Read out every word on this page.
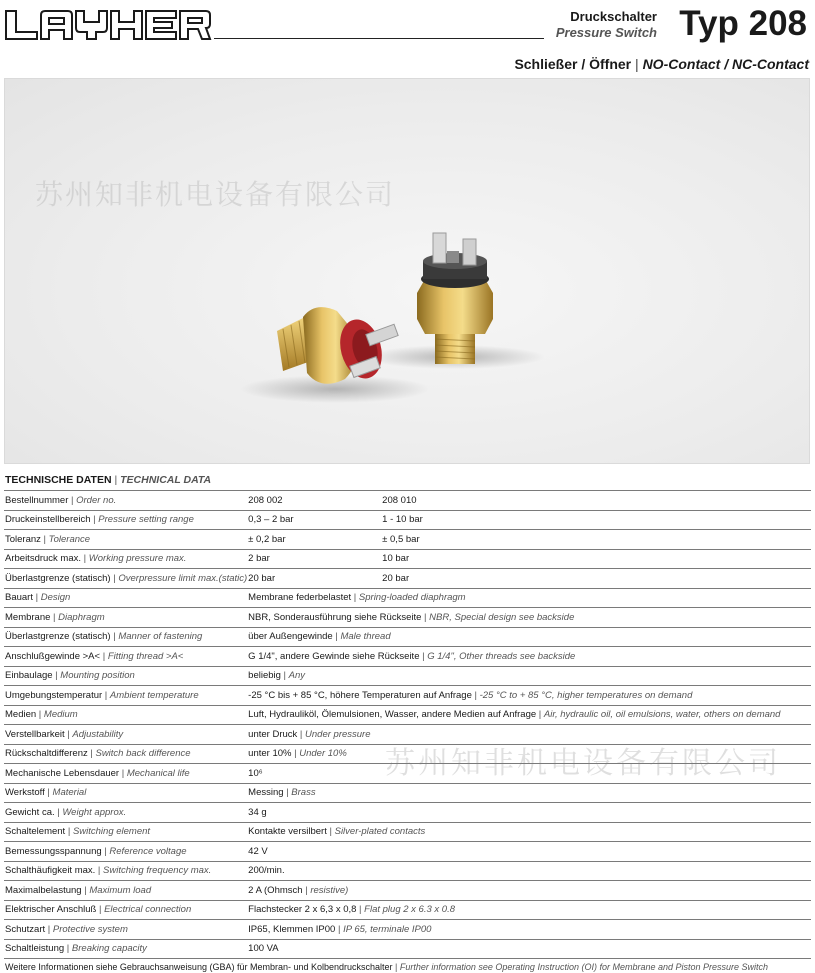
Druckschalter
Pressure Switch Typ 208
Schließer / Öffner | NO-Contact / NC-Contact
苏州知非机电设备有限公司
苏州知非机电设备有限公司
TECHNISCHE DATEN | TECHNICAL DATA
Bestellnummer | Order no.	208 002	208 010
Druckeinstellbereich | Pressure setting range	0,3 – 2 bar	1 - 10 bar
Toleranz | Tolerance	± 0,2 bar	± 0,5 bar
Arbeitsdruck max. | Working pressure max.	2 bar	10 bar
Überlastgrenze (statisch) | Overpressure limit max.(static)	20 bar	20 bar
Bauart | Design	Membrane federbelastet | Spring-loaded diaphragm	
Membrane | Diaphragm	NBR, Sonderausführung siehe Rückseite | NBR, Special design see backside	
Überlastgrenze (statisch) | Manner of fastening	über Außengewinde | Male thread	
Anschlußgewinde >A< | Fitting thread >A<	G 1/4", andere Gewinde siehe Rückseite | G 1/4", Other threads see backside	
Einbaulage | Mounting position	beliebig | Any	
Umgebungstemperatur | Ambient temperature	-25 °C bis + 85 °C, höhere Temperaturen auf Anfrage | -25 °C to + 85 °C, higher temperatures on demand	
Medien | Medium	Luft, Hydrauliköl, Ölemulsionen, Wasser, andere Medien auf Anfrage | Air, hydraulic oil, oil emulsions, water, others on demand	
Verstellbarkeit | Adjustability	unter Druck | Under pressure	
Rückschaltdifferenz | Switch back difference	unter 10% | Under 10%	
Mechanische Lebensdauer | Mechanical life	10⁶	
Werkstoff | Material	Messing | Brass	
Gewicht ca. | Weight approx.	34 g	
Schaltelement | Switching element	Kontakte versilbert | Silver-plated contacts	
Bemessungsspannung | Reference voltage	42 V	
Schalthäufigkeit max. | Switching frequency max.	200/min.	
Maximalbelastung | Maximum load	2 A (Ohmsch | resistive)	
Elektrischer Anschluß | Electrical connection	Flachstecker 2 x 6,3 x 0,8 | Flat plug 2 x 6.3 x 0.8	
Schutzart | Protective system	IP65, Klemmen IP00 | IP 65, terminale IP00	
Schaltleistung | Breaking capacity	100 VA	
Weitere Informationen siehe Gebrauchsanweisung (GBA) für Membran- und Kolbendruckschalter | Further information see Operating Instruction (OI) for Membrane and Piston Pressure Switch
